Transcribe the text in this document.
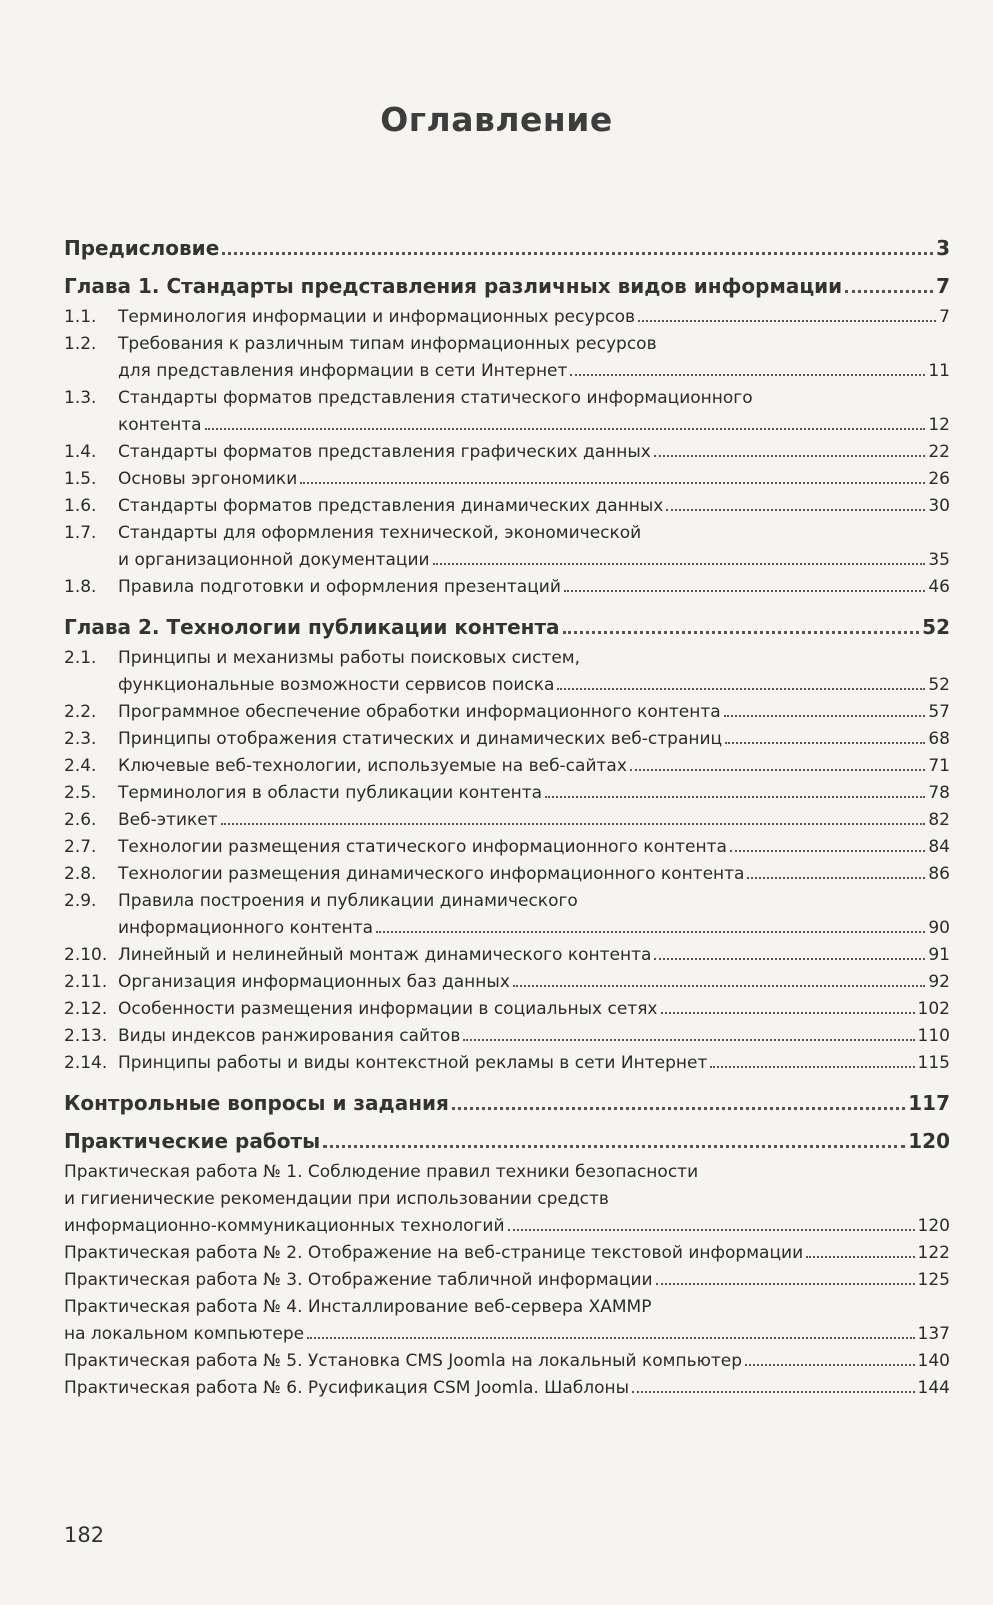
Оглавление
Предисловие	3
Глава 1. Стандарты представления различных видов информации	7
1.1.	Терминология информации и информационных ресурсов	7
1.2.	Требования к различным типам информационных ресурсов
для представления информации в сети Интернет	11
1.3.	Стандарты форматов представления статического информационного
контента	12
1.4.	Стандарты форматов представления графических данных	22
1.5.	Основы эргономики	26
1.6.	Стандарты форматов представления динамических данных	30
1.7.	Стандарты для оформления технической, экономической
и организационной документации	35
1.8.	Правила подготовки и оформления презентаций	46
Глава 2. Технологии публикации контента	52
2.1.	Принципы и механизмы работы поисковых систем,
функциональные возможности сервисов поиска	52
2.2.	Программное обеспечение обработки информационного контента	57
2.3.	Принципы отображения статических и динамических веб-страниц	68
2.4.	Ключевые веб-технологии, используемые на веб-сайтах	71
2.5.	Терминология в области публикации контента	78
2.6.	Веб-этикет	82
2.7.	Технологии размещения статического информационного контента	84
2.8.	Технологии размещения динамического информационного контента	86
2.9.	Правила построения и публикации динамического
информационного контента	90
2.10. Линейный и нелинейный монтаж динамического контента	91
2.11. Организация информационных баз данных	92
2.12. Особенности размещения информации в социальных сетях	102
2.13. Виды индексов ранжирования сайтов	110
2.14. Принципы работы и виды контекстной рекламы в сети Интернет	115
Контрольные вопросы и задания	117
Практические работы	120
Практическая работа № 1. Соблюдение правил техники безопасности
и гигиенические рекомендации при использовании средств
информационно-коммуникационных технологий	120
Практическая работа № 2. Отображение на веб-странице текстовой информации	122
Практическая работа № 3. Отображение табличной информации	125
Практическая работа № 4. Инсталлирование веб-сервера XAMMP
на локальном компьютере	137
Практическая работа № 5. Установка CMS Joomla на локальный компьютер	140
Практическая работа № 6. Русификация CSM Joomla. Шаблоны	144
182
